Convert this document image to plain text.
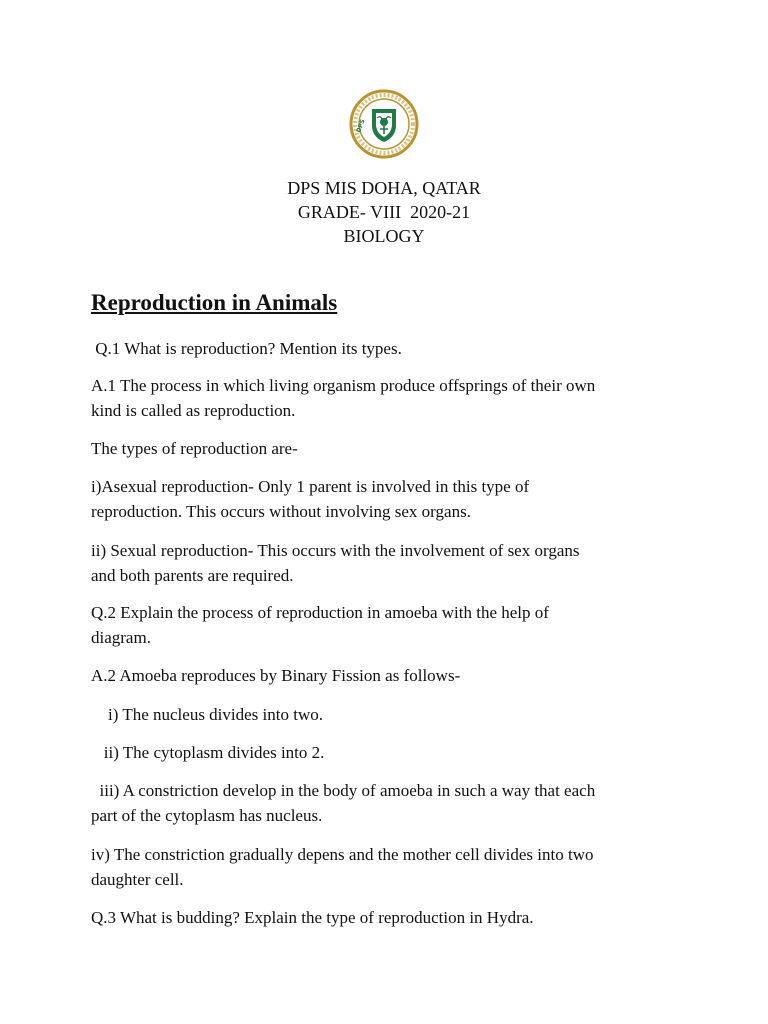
DPS
DPS MIS DOHA, QATAR
GRADE- VIII  2020-21
BIOLOGY
Reproduction in Animals
Q.1 What is reproduction? Mention its types.
A.1 The process in which living organism produce offsprings of their own
kind is called as reproduction.
The types of reproduction are-
i)Asexual reproduction- Only 1 parent is involved in this type of
reproduction. This occurs without involving sex organs.
ii) Sexual reproduction- This occurs with the involvement of sex organs
and both parents are required.
Q.2 Explain the process of reproduction in amoeba with the help of
diagram.
A.2 Amoeba reproduces by Binary Fission as follows-
i) The nucleus divides into two.
ii) The cytoplasm divides into 2.
iii) A constriction develop in the body of amoeba in such a way that each
part of the cytoplasm has nucleus.
iv) The constriction gradually depens and the mother cell divides into two
daughter cell.
Q.3 What is budding? Explain the type of reproduction in Hydra.
